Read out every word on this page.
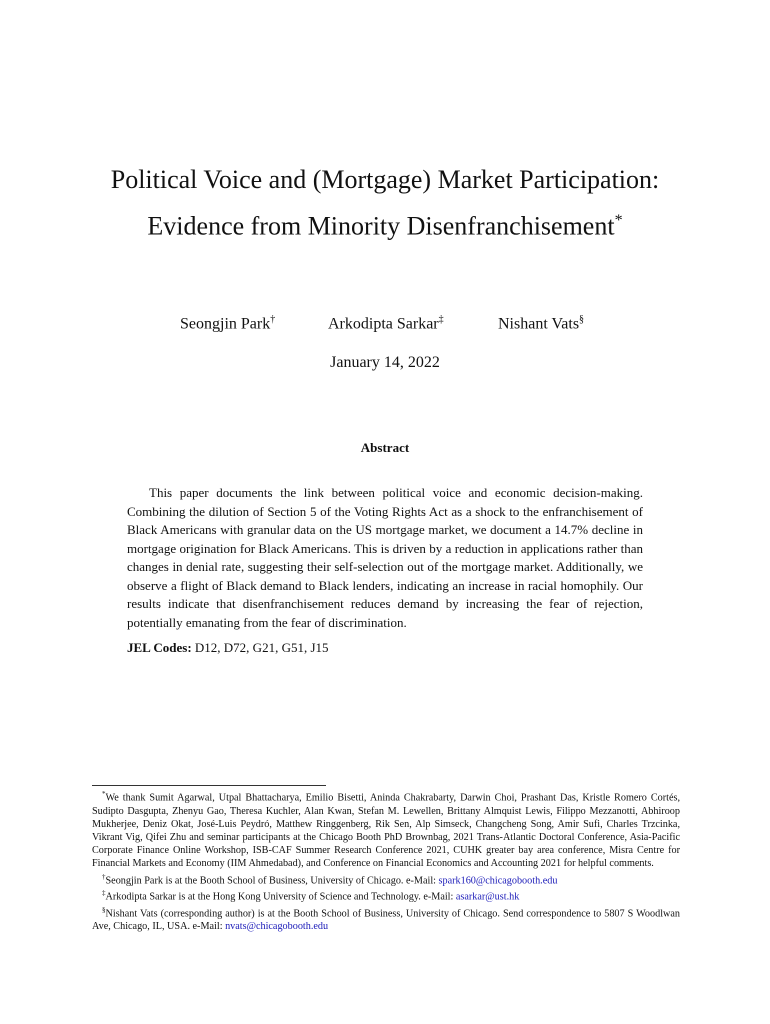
Political Voice and (Mortgage) Market Participation:
Evidence from Minority Disenfranchisement*
Seongjin Park†	Arkodipta Sarkar‡	Nishant Vats§
January 14, 2022
Abstract

This paper documents the link between political voice and economic decision-making. Combining the dilution of Section 5 of the Voting Rights Act as a shock to the enfranchisement of Black Americans with granular data on the US mortgage market, we document a 14.7% decline in mortgage origination for Black Americans. This is driven by a reduction in applications rather than changes in denial rate, suggesting their self-selection out of the mortgage market. Additionally, we observe a flight of Black demand to Black lenders, indicating an increase in racial homophily. Our results indicate that disenfranchisement reduces demand by increasing the fear of rejection, potentially emanating from the fear of discrimination.

JEL Codes: D12, D72, G21, G51, J15

*We thank Sumit Agarwal, Utpal Bhattacharya, Emilio Bisetti, Aninda Chakrabarty, Darwin Choi, Prashant Das, Kristle Romero Cortés, Sudipto Dasgupta, Zhenyu Gao, Theresa Kuchler, Alan Kwan, Stefan M. Lewellen, Brittany Almquist Lewis, Filippo Mezzanotti, Abhiroop Mukherjee, Deniz Okat, José-Luis Peydró, Matthew Ringgenberg, Rik Sen, Alp Simseck, Changcheng Song, Amir Sufi, Charles Trzcinka, Vikrant Vig, Qifei Zhu and seminar participants at the Chicago Booth PhD Brownbag, 2021 Trans-Atlantic Doctoral Conference, Asia-Pacific Corporate Finance Online Workshop, ISB-CAF Summer Research Conference 2021, CUHK greater bay area conference, Misra Centre for Financial Markets and Economy (IIM Ahmedabad), and Conference on Financial Economics and Accounting 2021 for helpful comments.

†Seongjin Park is at the Booth School of Business, University of Chicago. e-Mail: spark160@chicagobooth.edu

‡Arkodipta Sarkar is at the Hong Kong University of Science and Technology. e-Mail: asarkar@ust.hk

§Nishant Vats (corresponding author) is at the Booth School of Business, University of Chicago. Send correspondence to 5807 S Woodlwan Ave, Chicago, IL, USA. e-Mail: nvats@chicagobooth.edu
